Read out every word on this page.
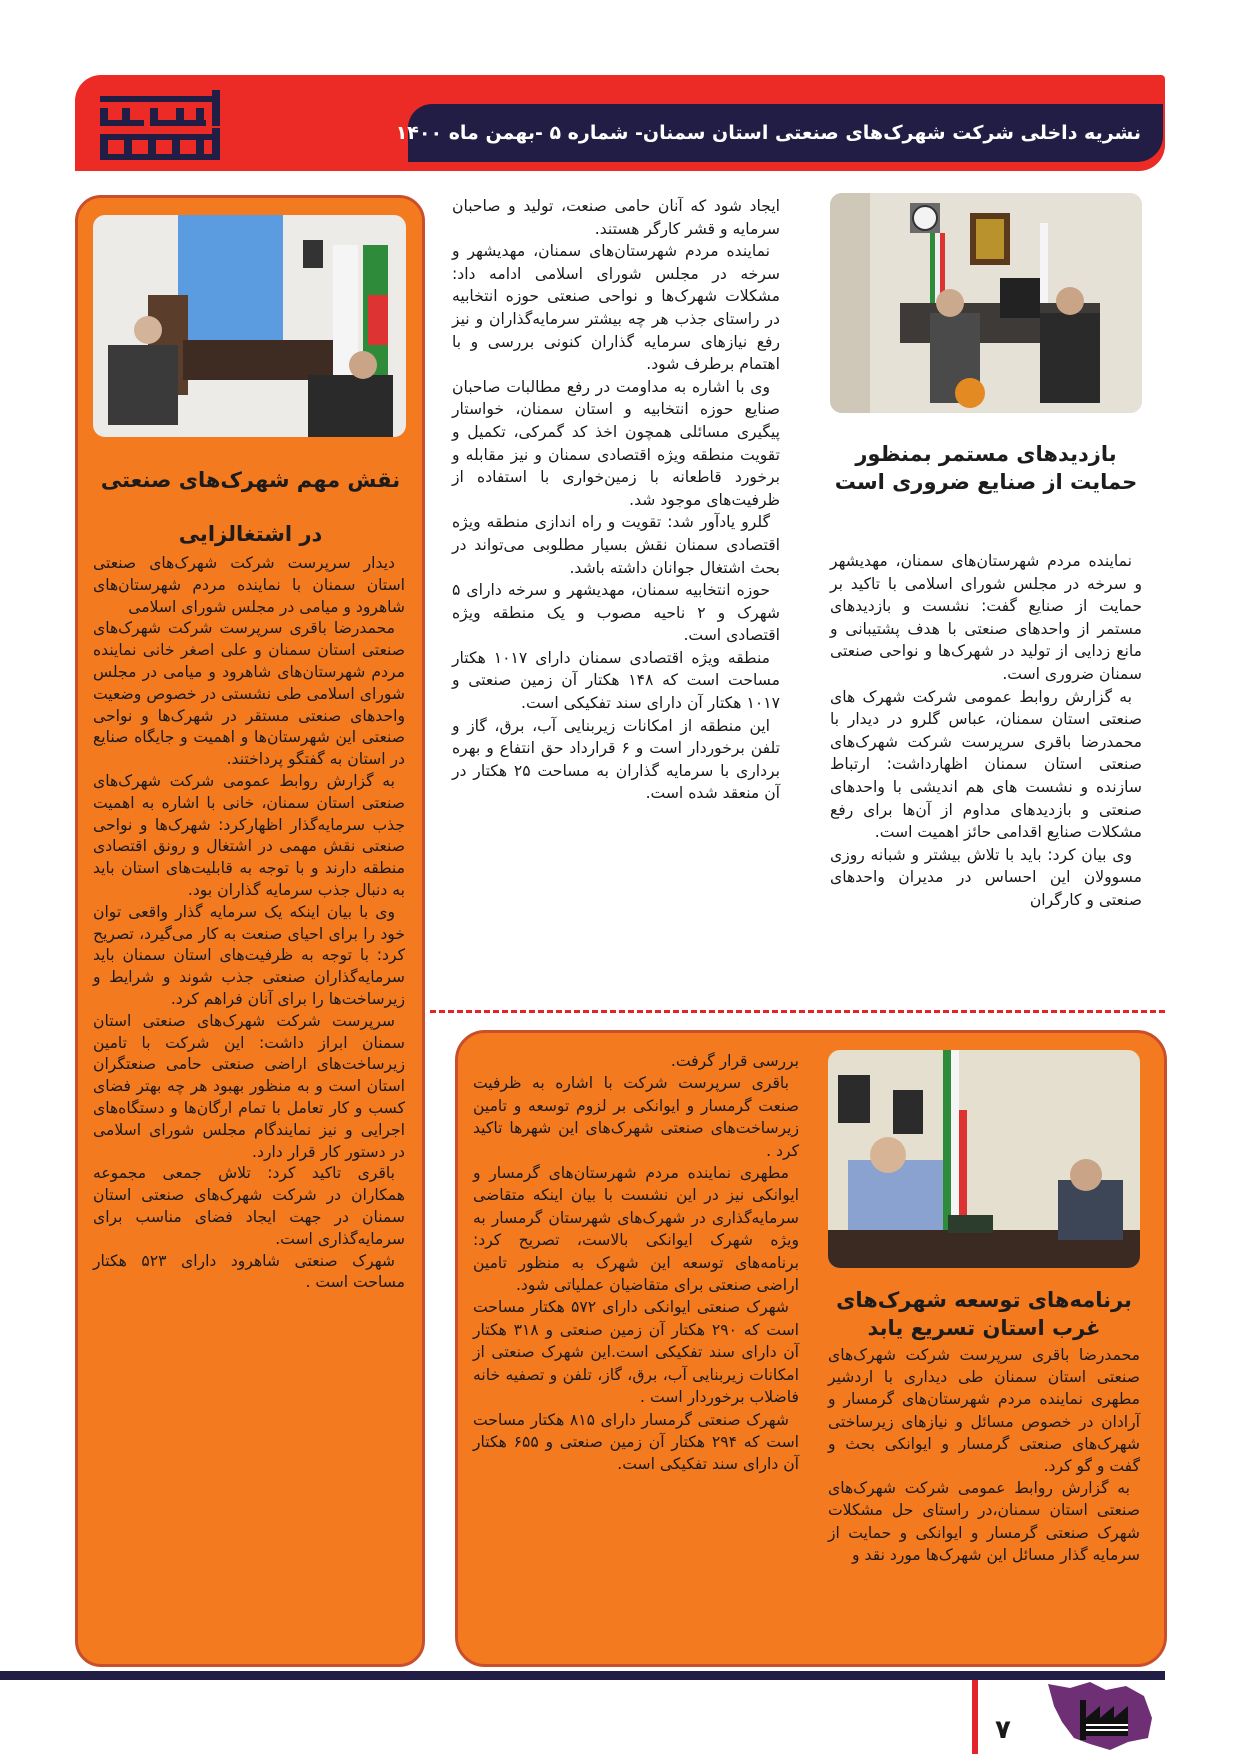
نشریه داخلی شرکت شهرک‌های صنعتی استان سمنان- شماره ۵ -بهمن ماه ۱۴۰۰
بازدیدهای مستمر بمنظور حمایت از صنایع ضروری است

نماینده مردم شهرستان‌های سمنان، مهدیشهر و سرخه در مجلس شورای اسلامی با تاکید بر حمایت از صنایع گفت: نشست و بازدیدهای مستمر از واحدهای صنعتی با هدف پشتیبانی و مانع زدایی از تولید در شهرک‌ها و نواحی صنعتی سمنان ضروری است.

به گزارش روابط عمومی شرکت شهرک های صنعتی استان سمنان، عباس گلرو در دیدار با محمدرضا باقری سرپرست شرکت شهرک‌های صنعتی استان سمنان اظهارداشت: ارتباط سازنده و نشست های هم اندیشی با واحدهای صنعتی و بازدیدهای مداوم از آن‌ها برای رفع مشکلات صنایع اقدامی حائز اهمیت است.

وی بیان کرد: باید با تلاش بیشتر و شبانه روزی مسوولان این احساس در مدیران واحدهای صنعتی و کارگران

ایجاد شود که آنان حامی صنعت، تولید و صاحبان سرمایه و قشر کارگر هستند.

نماینده مردم شهرستان‌های سمنان، مهدیشهر و سرخه در مجلس شورای اسلامی ادامه داد: مشکلات شهرک‌ها و نواحی صنعتی حوزه انتخابیه در راستای جذب هر چه بیشتر سرمایه‌گذاران و نیز رفع نیازهای سرمایه گذاران کنونی بررسی و با اهتمام برطرف شود.

وی با اشاره به مداومت در رفع مطالبات صاحبان صنایع حوزه انتخابیه و استان سمنان، خواستار پیگیری مسائلی همچون اخذ کد گمرکی، تکمیل و تقویت منطقه ویژه اقتصادی سمنان و نیز مقابله و برخورد قاطعانه با زمین‌خواری با استفاده از ظرفیت‌های موجود شد.

گلرو یادآور شد: تقویت و راه اندازی منطقه ویژه اقتصادی سمنان نقش بسیار مطلوبی می‌تواند در بحث اشتغال جوانان داشته باشد.

حوزه انتخابیه سمنان، مهدیشهر و سرخه دارای ۵ شهرک و ۲ ناحیه مصوب و یک منطقه ویژه اقتصادی است.

منطقه ویژه اقتصادی سمنان دارای ۱۰۱۷ هکتار مساحت است که ۱۴۸ هکتار آن زمین صنعتی و ۱۰۱۷ هکتار آن دارای سند تفکیکی است.

این منطقه از امکانات زیربنایی آب، برق، گاز و تلفن برخوردار است و ۶ قرارداد حق انتفاع و بهره برداری با سرمایه گذاران به مساحت ۲۵ هکتار در آن منعقد شده است.

نقش مهم شهرک‌های صنعتی
در اشتغالزایی

دیدار سرپرست شرکت شهرک‌های صنعتی استان سمنان با نماینده مردم شهرستان‌های شاهرود و میامی در مجلس شورای اسلامی

محمدرضا باقری سرپرست شرکت شهرک‌های صنعتی استان سمنان و علی اصغر خانی نماینده مردم شهرستان‌های شاهرود و میامی در مجلس شورای اسلامی طی نشستی در خصوص وضعیت واحدهای صنعتی مستقر در شهرک‌ها و نواحی صنعتی این شهرستان‌ها و اهمیت و جایگاه صنایع در استان به گفتگو پرداختند.

به گزارش روابط عمومی شرکت شهرک‌های صنعتی استان سمنان، خانی با اشاره به اهمیت جذب سرمایه‌گذار اظهارکرد: شهرک‌ها و نواحی صنعتی نقش مهمی در اشتغال و رونق اقتصادی منطقه دارند و با توجه به قابلیت‌های استان باید به دنبال جذب سرمایه گذاران بود.

وی با بیان اینکه یک سرمایه گذار واقعی توان خود را برای احیای صنعت به کار می‌گیرد، تصریح کرد: با توجه به ظرفیت‌های استان سمنان باید سرمایه‌گذاران صنعتی جذب شوند و شرایط و زیرساخت‌ها را برای آنان فراهم کرد.

سرپرست شرکت شهرک‌های صنعتی استان سمنان ابراز داشت: این شرکت با تامین زیرساخت‌های اراضی صنعتی حامی صنعتگران استان است و به منظور بهبود هر چه بهتر فضای کسب و کار تعامل با تمام ارگان‌ها و دستگاه‌های اجرایی و نیز نمایندگام مجلس شورای اسلامی در دستور کار قرار دارد.

باقری تاکید کرد: تلاش جمعی مجموعه همکاران در شرکت شهرک‌های صنعتی استان سمنان در جهت ایجاد فضای مناسب برای سرمایه‌گذاری است.

شهرک صنعتی شاهرود دارای ۵۲۳ هکتار مساحت است .

برنامه‌های توسعه شهرک‌های
غرب استان تسریع یابد

محمدرضا باقری سرپرست شرکت شهرک‌های صنعتی استان سمنان طی دیداری با اردشیر مطهری نماینده مردم شهرستان‌های گرمسار و آرادان در خصوص مسائل و نیازهای زیرساختی شهرک‌های صنعتی گرمسار و ایوانکی بحث و گفت و گو کرد.

به گزارش روابط عمومی شرکت شهرک‌های صنعتی استان سمنان،در راستای حل مشکلات شهرک صنعتی گرمسار و ایوانکی و حمایت از سرمایه گذار مسائل این شهرک‌ها مورد نقد و

بررسی قرار گرفت.

باقری سرپرست شرکت با اشاره به ظرفیت صنعت گرمسار و ایوانکی بر لزوم توسعه و تامین زیرساخت‌های صنعتی شهرک‌های این شهرها تاکید کرد .

مطهری نماینده مردم شهرستان‌های گرمسار و ایوانکی نیز در این نشست با بیان اینکه متقاضی سرمایه‌گذاری در شهرک‌های شهرستان گرمسار به ویژه شهرک ایوانکی بالاست، تصریح کرد: برنامه‌های توسعه این شهرک به منظور تامین اراضی صنعتی برای متقاضیان عملیاتی شود.

شهرک صنعتی ایوانکی دارای ۵۷۲ هکتار مساحت است که ۲۹۰ هکتار آن زمین صنعتی و ۳۱۸ هکتار آن دارای سند تفکیکی است.این شهرک صنعتی از امکانات زیربنایی آب، برق، گاز، تلفن و تصفیه خانه فاضلاب برخوردار است .

شهرک صنعتی گرمسار دارای ۸۱۵ هکتار مساحت است که ۲۹۴ هکتار آن زمین صنعتی و ۶۵۵ هکتار آن دارای سند تفکیکی است.

۷
